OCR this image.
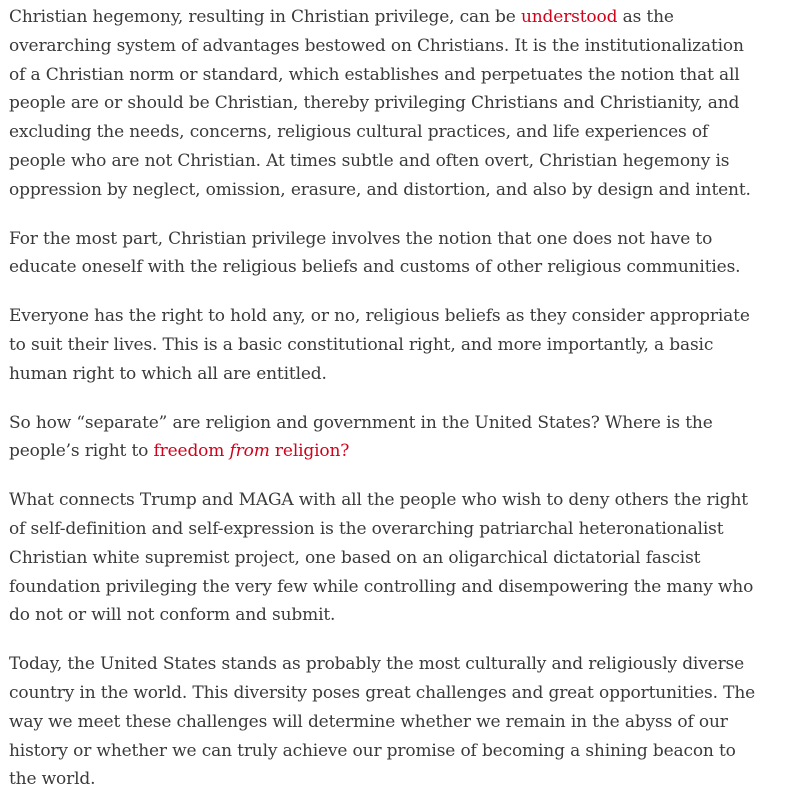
Christian hegemony, resulting in Christian privilege, can be understood as the overarching system of advantages bestowed on Christians. It is the institutionalization of a Christian norm or standard, which establishes and perpetuates the notion that all people are or should be Christian, thereby privileging Christians and Christianity, and excluding the needs, concerns, religious cultural practices, and life experiences of people who are not Christian. At times subtle and often overt, Christian hegemony is oppression by neglect, omission, erasure, and distortion, and also by design and intent.

For the most part, Christian privilege involves the notion that one does not have to educate oneself with the religious beliefs and customs of other religious communities.

Everyone has the right to hold any, or no, religious beliefs as they consider appropriate to suit their lives. This is a basic constitutional right, and more importantly, a basic human right to which all are entitled.

So how “separate” are religion and government in the United States? Where is the people’s right to freedom from religion?

What connects Trump and MAGA with all the people who wish to deny others the right of self-definition and self-expression is the overarching patriarchal heteronationalist Christian white supremist project, one based on an oligarchical dictatorial fascist foundation privileging the very few while controlling and disempowering the many who do not or will not conform and submit.

Today, the United States stands as probably the most culturally and religiously diverse country in the world. This diversity poses great challenges and great opportunities. The way we meet these challenges will determine whether we remain in the abyss of our history or whether we can truly achieve our promise of becoming a shining beacon to the world.
